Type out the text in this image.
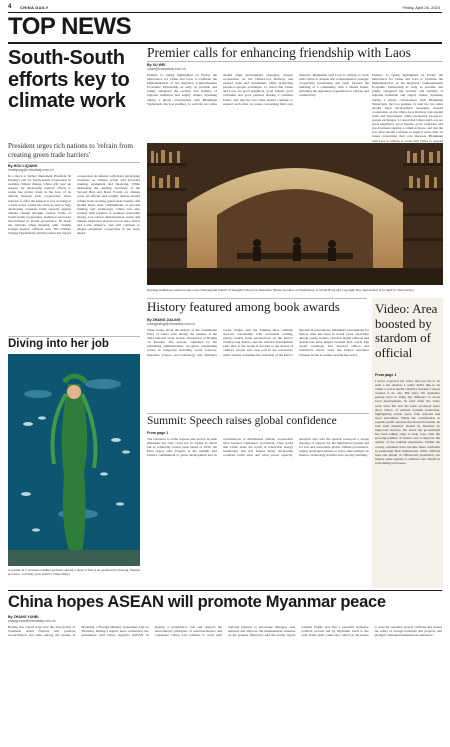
4 CHINA DAILY	Friday, April 26, 2024
TOP NEWS
South-South efforts key to climate work
President urges rich nations to 'refrain from creating green trade barriers'
By HOU LIQIANG
houliqiang@chinadaily.com.cn
In a move to further implement President Xi Jinping's call for South-South cooperation in tackling climate change, China will 'sew' up support for developing nations' efforts to tackle the global crisis in the face of its deficits through such cooperation, more relevant to offer the support it was accruing at a trade event. China has done its best to help developing countries build capacity against climate change through various forms of South-South cooperation, leading to increased involvement in global governance. Xi made the remarks when meeting with visiting foreign leaders, officials said. The Climate Change Department said the nation has signed cooperation documents with many developing countries on climate action and provided training, equipment and financing. While addressing the opening ceremony of the Second Belt and Road Forum on climate work, an official said wealthy nations should refrain from creating green trade barriers and should honor their commitments to provide funding and technology. China has also worked with partners to promote renewable energy, low-carbon demonstration zones and climate adaptation projects across Asia, Africa and Latin America, and will continue to deepen pragmatic cooperation in the years ahead.
Premier calls for enhancing friendship with Laos
By XU WEI
xuwei@chinadaily.com.cn
Premier Li Qiang highlighted on Friday the importance for China and Laos to facilitate the implementation of the Regional Comprehensive Economic Partnership as early as possible and jointly safeguard the security and stability of regional industrial and supply chains. Speaking during a phone conversation with Phankham Viphavanh, the Lao premier, Li said the two sides should align development strategies, deepen cooperation on the China-Laos Railway and expand trade and investment, while promoting people-to-people exchanges. Li noted that China and Laos are good neighbors, good friends, good comrades and good partners sharing a common future, and that the two sides should continue to support each other on issues concerning their core interests. Phankham said Laos is willing to work with China to deepen the comprehensive strategic cooperative partnership and push forward the building of a community with a shared future, including the upgraded cooperation on railway and connectivity.
Premier Li Qiang highlighted on Friday the importance for China and Laos to facilitate the implementation of the Regional Comprehensive Economic Partnership as early as possible and jointly safeguard the security and stability of regional industrial and supply chains. Speaking during a phone conversation with Phankham Viphavanh, the Lao premier, Li said the two sides should align development strategies, deepen cooperation on the China-Laos Railway and expand trade and investment, while promoting people-to-people exchanges. Li noted that China and Laos are good neighbors, good friends, good comrades and good partners sharing a common future, and that the two sides should continue to support each other on issues concerning their core interests. Phankham said Laos is willing to work with China to deepen
Reading enthusiasts peruse books at the Yantiangrum branch of Shanghai Library in Shenzhen, Hunan province on Wednesday, as World Book and Copyright Day approached. [Liu Jun/For China Daily]
History featured among book awards
By ZHANG JIALING
zhangjialing@chinadaily.com.cn
Three books about the history of the Communist Party of China were among the winners of the 2024 national book awards announced in Beijing on Tuesday. The awards, organized by the publishing administration, recognize outstanding works in categories including social sciences, literature, science and technology and children's books. Judges said the winning titles combine rigorous scholarship with accessible writing, giving readers fresh perspectives on the Party's century-long history and the nation's development path. One of the books is devoted to the stories of ordinary people who took part in the revolution, while another examines the evolution of the Party's theoretical innovations. Publishers said demand for history titles has risen in recent years, especially among young readers, and that digital editions and audiobooks have helped broaden their reach. The award ceremony also honored editors and translators whose work has helped introduce Chinese books to readers around the world.
Video: Area boosted by stardom of official
From page 1
I never expected the video that put his to be such a hit. Alshon, I really didn't like to be called a social media celebrity because I never wanted to be one. But since I'm gradually getting used to using my influence to boost local development, he said. After the video went viral, Bu and his team produced more short videos of cultural tourism promotion, highlighting scenic spots, folk customs and local specialties. While the continuation in popular public persona has boosted tourism, he said such attention should be matched by improved services. He noted the government has been taking steps to help cope with the growing number of visitors and to improve the quality of the tourism experience. Within the county, residents have become more confident in promoting their hometowns, while officials hope the model of official-led promotion can inspire other regions to embrace new media in revitalizing rural areas.
Summit: Speech raises global confidence
From page 1
The reference to some regions and sectors in peak emissions not only could not be traded as unfair but as achieving carbon peak ahead of 2030, the Paris report said. Experts at the summit said China's commitment to green development and its contributions to multilateral climate cooperation have boosted confidence worldwide. They noted that China leads the world in renewable energy installation and has helped many developing countries build solar and wind power capacity. Analysts also said the speech conveyed a strong message of support for the multilateral system and for fair and reasonable global climate governance, urging developed nations to honor their pledges on finance, technology transfer and capacity building.
Diving into her job
A woman in a seaweed costume performs among a shoal of fish at an aquarium in Jinhong, Yunnan province, on Friday. [Liu Jun/For China Daily]
China hopes ASEAN will promote Myanmar peace
By ZHANG YUNBI
zhangyunbi@chinadaily.com.cn
Beijing has voiced hope that the Association of Southeast Asian Nations will promote reconciliation and talks among the parties in Myanmar, a Foreign Ministry spokesman said on Thursday. During a regular news conference, the spokesman said China supports ASEAN in playing a constructive role and respects the Association's principles of non-interference and consensus. China will continue to work with regional partners to encourage dialogue, ease tensions and improve the humanitarian situation on the ground. Observers said the border region remains fragile and that a peaceful, inclusive political process led by Myanmar itself is the only viable path. China also called on all parties to exercise restraint, protect civilians and ensure the safety of foreign nationals and projects, and pledged continued humanitarian assistance.
